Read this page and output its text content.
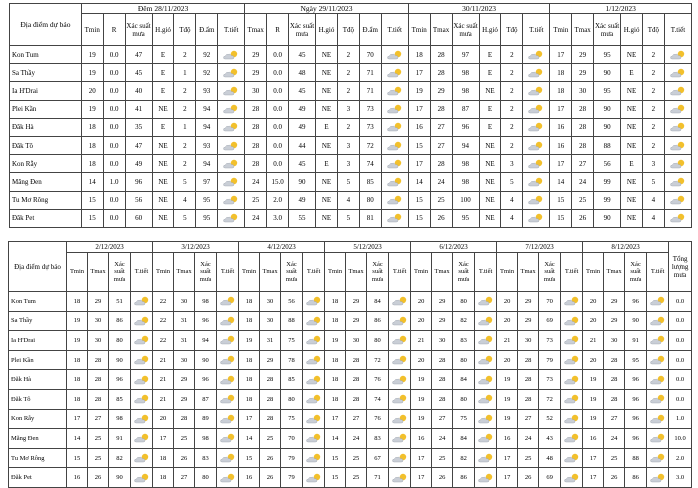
Địa điểm dự báo	Đêm 28/11/2023							Ngày 29/11/2023							30/11/2023						1/12/2023					
	Tmin	R	Xác suất mưa	H.gió	Tđộ	Đ.ẩm	T.tiết	Tmax	R	Xác suất mưa	H.gió	Tđộ	Đ.ẩm	T.tiết	Tmin	Tmax	Xác suất mưa	H.gió	Tđộ	T.tiết	Tmin	Tmax	Xác suất mưa	H.gió	Tđộ	T.tiết
Kon Tum	19	0.0	47	E	2	92		29	0.0	45	NE	2	70		18	28	97	E	2		17	29	95	NE	2	

Sa Thầy	19	0.0	45	E	1	92		29	0.0	48	NE	2	71		17	28	98	E	2		18	29	90	E	2	

Ia H'Drai	20	0.0	40	E	2	93		30	0.0	45	NE	2	71		19	29	98	NE	2		18	30	95	NE	2	

Plei Kần	19	0.0	41	NE	2	94		28	0.0	49	NE	3	73		17	28	87	E	2		17	28	90	NE	2	

Đăk Hà	18	0.0	35	E	1	94		28	0.0	49	E	2	73		16	27	96	E	2		16	28	90	NE	2	

Đăk Tô	18	0.0	47	NE	2	93		28	0.0	44	NE	3	72		15	27	94	NE	2		16	28	88	NE	2	

Kon Rẫy	18	0.0	49	NE	2	94		28	0.0	45	E	3	74		17	28	98	NE	3		17	27	56	E	3	

Măng Đen	14	1.0	96	NE	5	97		24	15.0	90	NE	5	85		14	24	98	NE	5		14	24	99	NE	5	

Tu Mơ Rông	15	0.0	56	NE	4	95		25	2.0	49	NE	4	80		15	25	100	NE	4		15	25	99	NE	4	

Đăk Pet	15	0.0	60	NE	5	95		24	3.0	55	NE	5	81		15	26	95	NE	4		15	26	90	NE	4	
Địa điểm dự báo	2/12/2023				3/12/2023				4/12/2023				5/12/2023				6/12/2023				7/12/2023				8/12/2023				Tổng lượng mưa
	Tmin	Tmax	Xác suất mưa	T.tiết	Tmin	Tmax	Xác suất mưa	T.tiết	Tmin	Tmax	Xác suất mưa	T.tiết	Tmin	Tmax	Xác suất mưa	T.tiết	Tmin	Tmax	Xác suất mưa	T.tiết	Tmin	Tmax	Xác suất mưa	T.tiết	Tmin	Tmax	Xác suất mưa	T.tiết	
Kon Tum	18	29	51		22	30	98		18	30	56		18	29	84		20	29	80		20	29	70		20	29	96		0.0
Sa Thầy	19	30	86		22	31	96		18	30	88		18	29	86		20	29	82		20	29	69		20	29	90		0.0
Ia H'Drai	19	30	80		22	31	94		19	31	75		19	30	80		21	30	83		21	30	73		21	30	91		0.0
Plei Kần	18	28	90		21	30	90		18	29	78		18	28	72		20	28	80		20	28	79		20	28	95		0.0
Đăk Hà	18	28	96		21	29	96		18	28	85		18	28	76		19	28	84		19	28	73		19	28	96		0.0
Đăk Tô	18	28	85		21	29	87		18	28	80		18	28	74		19	28	80		19	28	72		19	28	96		0.0
Kon Rẫy	17	27	98		20	28	89		17	28	75		17	27	76		19	27	75		19	27	52		19	27	96		1.0
Măng Đen	14	25	91		17	25	98		14	25	70		14	24	83		16	24	84		16	24	43		16	24	96		10.0
Tu Mơ Rông	15	25	82		18	26	83		15	26	79		15	25	67		17	25	82		17	25	48		17	25	88		2.0
Đăk Pet	16	26	90		18	27	80		16	26	79		15	25	71		17	26	86		17	26	69		17	26	86		3.0
